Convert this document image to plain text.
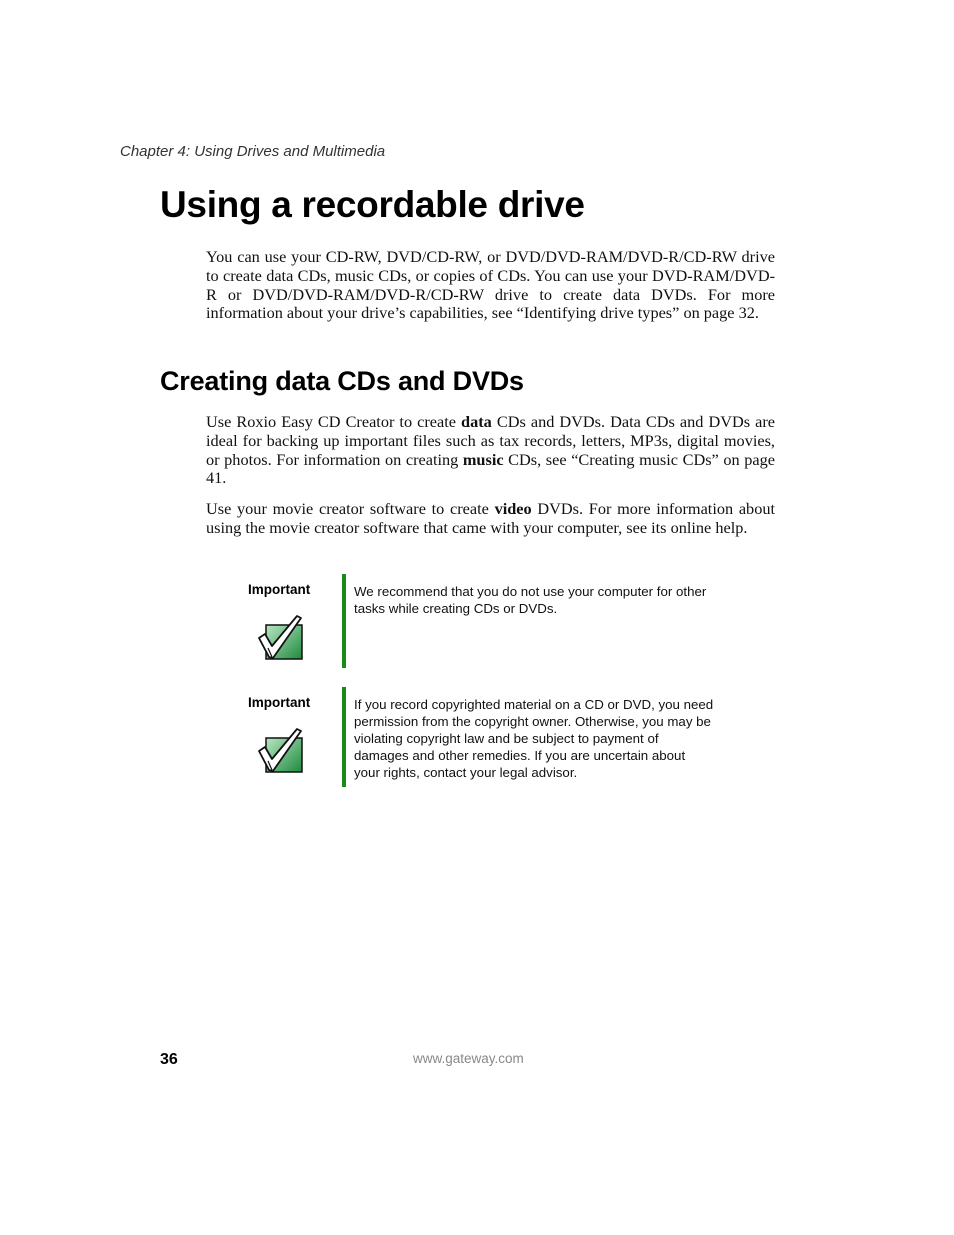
Chapter 4: Using Drives and Multimedia
Using a recordable drive

You can use your CD-RW, DVD/CD-RW, or DVD/DVD-RAM/DVD-R/CD-RW drive to create data CDs, music CDs, or copies of CDs. You can use your DVD-RAM/DVD-R or DVD/DVD-RAM/DVD-R/CD-RW drive to create data DVDs. For more information about your drive’s capabilities, see “Identifying drive types” on page 32.

Creating data CDs and DVDs

Use Roxio Easy CD Creator to create data CDs and DVDs. Data CDs and DVDs are ideal for backing up important files such as tax records, letters, MP3s, digital movies, or photos. For information on creating music CDs, see “Creating music CDs” on page 41.

Use your movie creator software to create video DVDs. For more information about using the movie creator software that came with your computer, see its online help.

Important	We recommend that you do not use your computer for other tasks while creating CDs or DVDs.

Important	If you record copyrighted material on a CD or DVD, you need permission from the copyright owner. Otherwise, you may be violating copyright law and be subject to payment of damages and other remedies. If you are uncertain about your rights, contact your legal advisor.

36	www.gateway.com
